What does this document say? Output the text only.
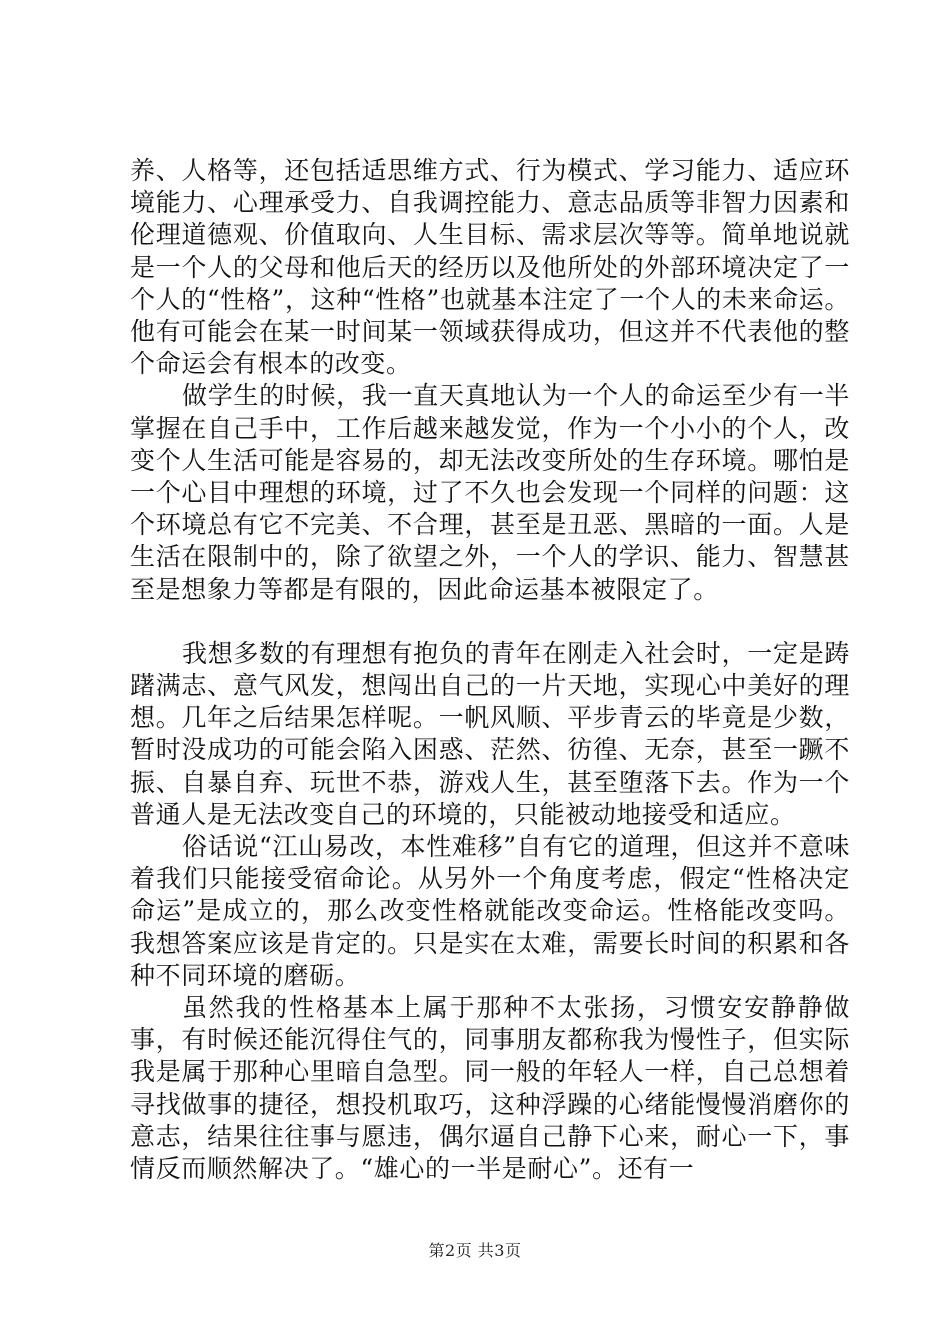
养、人格等，还包括适思维方式、行为模式、学习能力、适应环境能力、心理承受力、自我调控能力、意志品质等非智力因素和伦理道德观、价值取向、人生目标、需求层次等等。简单地说就是一个人的父母和他后天的经历以及他所处的外部环境决定了一个人的“性格”，这种“性格”也就基本注定了一个人的未来命运。他有可能会在某一时间某一领域获得成功，但这并不代表他的整个命运会有根本的改变。

做学生的时候，我一直天真地认为一个人的命运至少有一半掌握在自己手中，工作后越来越发觉，作为一个小小的个人，改变个人生活可能是容易的，却无法改变所处的生存环境。哪怕是一个心目中理想的环境，过了不久也会发现一个同样的问题：这个环境总有它不完美、不合理，甚至是丑恶、黑暗的一面。人是生活在限制中的，除了欲望之外，一个人的学识、能力、智慧甚至是想象力等都是有限的，因此命运基本被限定了。

我想多数的有理想有抱负的青年在刚走入社会时，一定是踌躇满志、意气风发，想闯出自己的一片天地，实现心中美好的理想。几年之后结果怎样呢。一帆风顺、平步青云的毕竟是少数，暂时没成功的可能会陷入困惑、茫然、彷徨、无奈，甚至一蹶不振、自暴自弃、玩世不恭，游戏人生，甚至堕落下去。作为一个普通人是无法改变自己的环境的，只能被动地接受和适应。

俗话说“江山易改，本性难移”自有它的道理，但这并不意味着我们只能接受宿命论。从另外一个角度考虑，假定“性格决定命运”是成立的，那么改变性格就能改变命运。性格能改变吗。我想答案应该是肯定的。只是实在太难，需要长时间的积累和各种不同环境的磨砺。

虽然我的性格基本上属于那种不太张扬，习惯安安静静做事，有时候还能沉得住气的，同事朋友都称我为慢性子，但实际我是属于那种心里暗自急型。同一般的年轻人一样，自己总想着寻找做事的捷径，想投机取巧，这种浮躁的心绪能慢慢消磨你的意志，结果往往事与愿违，偶尔逼自己静下心来，耐心一下，事情反而顺然解决了。“雄心的一半是耐心”。还有一

第2页 共3页
